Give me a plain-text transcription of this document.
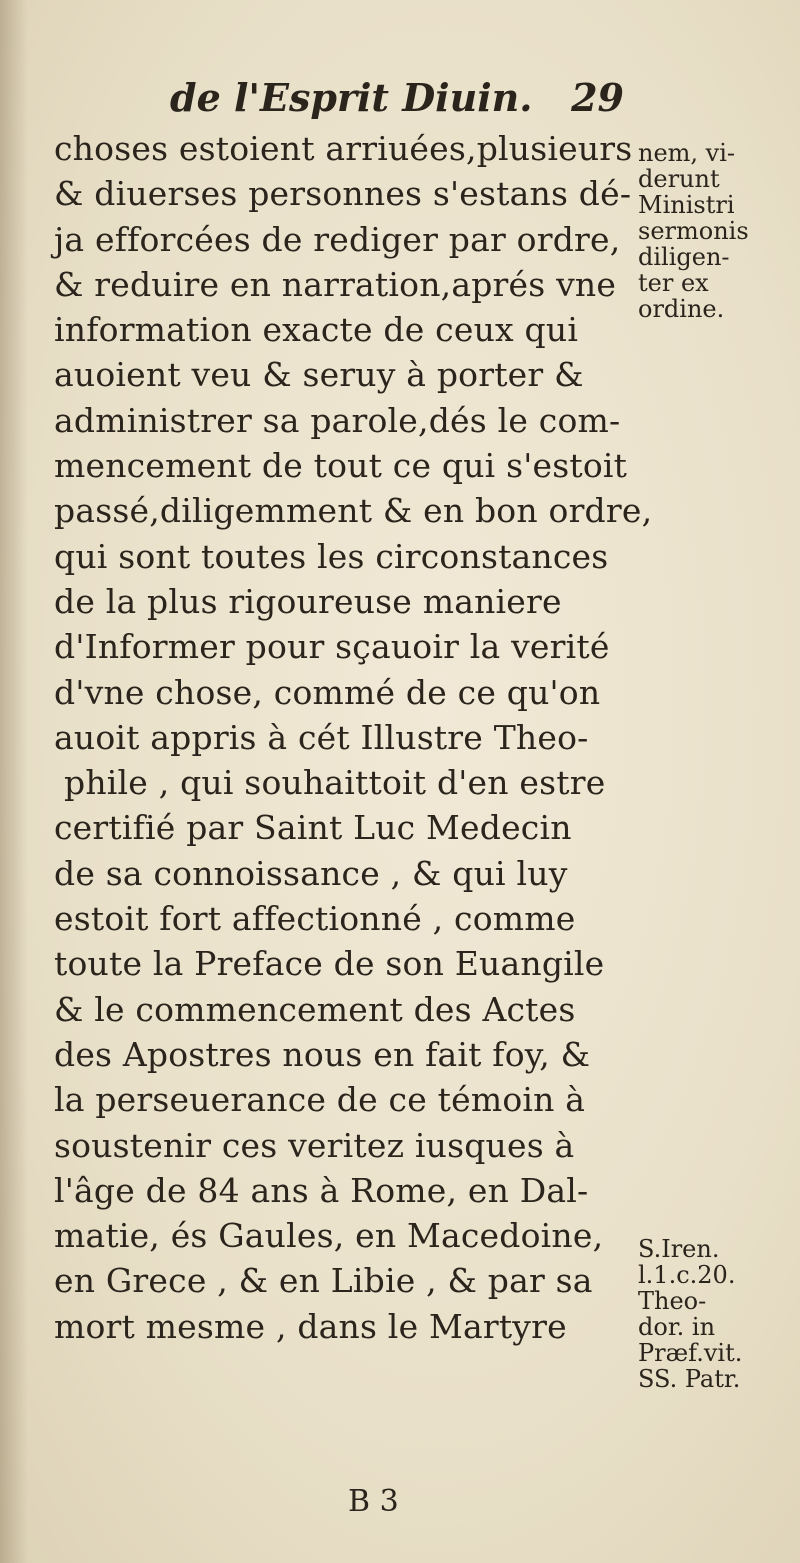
de l'Esprit Diuin. 29
choses estoient arriuées,plusieurs
& diuerses personnes s'estans dé-
ja efforcées de rediger par ordre,
& reduire en narration,aprés vne
information exacte de ceux qui
auoient veu & seruy à porter &
administrer sa parole,dés le com-
mencement de tout ce qui s'estoit
passé,diligemment & en bon ordre,
qui sont toutes les circonstances
de la plus rigoureuse maniere
d'Informer pour sçauoir la verité
d'vne chose, commé de ce qu'on
auoit appris à cét Illustre Theo-
phile , qui souhaittoit d'en estre
certifié par Saint Luc Medecin
de sa connoissance , & qui luy
estoit fort affectionné , comme
toute la Preface de son Euangile
& le commencement des Actes
des Apostres nous en fait foy, &
la perseuerance de ce témoin à
soustenir ces veritez iusques à
l'âge de 84 ans à Rome, en Dal-
matie, és Gaules, en Macedoine,
en Grece , & en Libie , & par sa
mort mesme , dans le Martyre
nem, vi-
derunt
Ministri
sermonis
diligen-
ter ex
ordine.
S.Iren.
l.1.c.20.
Theo-
dor. in
Præf.vit.
SS. Patr.
B 3
